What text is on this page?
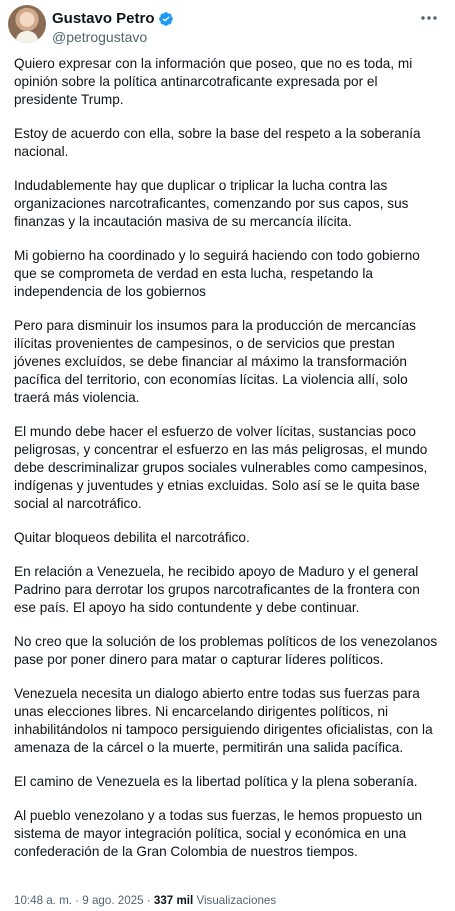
Gustavo Petro
@petrogustavo

Quiero expresar con la información que poseo, que no es toda, mi opinión sobre la política antinarcotraficante expresada por el presidente Trump.

Estoy de acuerdo con ella, sobre la base del respeto a la soberanía nacional.

Indudablemente hay que duplicar o triplicar la lucha contra las organizaciones narcotraficantes, comenzando por sus capos, sus finanzas y la incautación masiva de su mercancía ilícita.

Mi gobierno ha coordinado y lo seguirá haciendo con todo gobierno que se comprometa de verdad en esta lucha, respetando la independencia de los gobiernos

Pero para disminuir los insumos para la producción de mercancías ilícitas provenientes de campesinos, o de servicios que prestan jóvenes excluídos, se debe financiar al máximo la transformación pacífica del territorio, con economías lícitas. La violencia allí, solo traerá más violencia.

El mundo debe hacer el esfuerzo de volver lícitas, sustancias poco peligrosas, y concentrar el esfuerzo en las más peligrosas, el mundo debe descriminalizar grupos sociales vulnerables como campesinos, indígenas y juventudes y etnias excluidas. Solo así se le quita base social al narcotráfico.

Quitar bloqueos debilita el narcotráfico.

En relación a Venezuela, he recibido apoyo de Maduro y el general Padrino para derrotar los grupos narcotraficantes de la frontera con ese país. El apoyo ha sido contundente y debe continuar.

No creo que la solución de los problemas políticos de los venezolanos pase por poner dinero para matar o capturar líderes políticos.

Venezuela necesita un dialogo abierto entre todas sus fuerzas para unas elecciones libres. Ni encarcelando dirigentes políticos, ni inhabilitándolos ni tampoco persiguiendo dirigentes oficialistas, con la amenaza de la cárcel o la muerte, permitirán una salida pacífica.

El camino de Venezuela es la libertad política y la plena soberanía.

Al pueblo venezolano y a todas sus fuerzas, le hemos propuesto un sistema de mayor integración política, social y económica en una confederación de la Gran Colombia de nuestros tiempos.

10:48 a. m. · 9 ago. 2025 · 337 mil Visualizaciones
